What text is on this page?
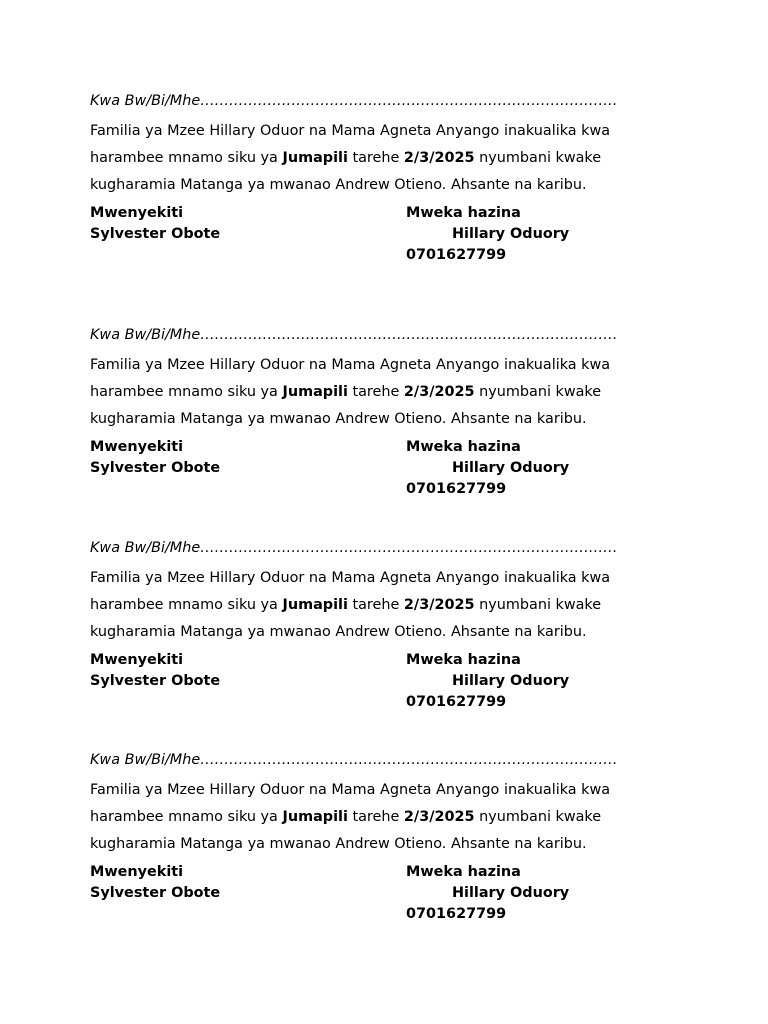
Kwa Bw/Bi/Mhe……………………………………………………………………………
Familia ya Mzee Hillary Oduor na Mama Agneta Anyango inakualika kwa harambee mnamo siku ya Jumapili tarehe 2/3/2025 nyumbani kwake kugharamia Matanga ya mwanao Andrew Otieno. Ahsante na karibu.
Mwenyekiti
Sylvester Obote
Mweka hazina
Hillary Oduory
0701627799
Kwa Bw/Bi/Mhe……………………………………………………………………………
Familia ya Mzee Hillary Oduor na Mama Agneta Anyango inakualika kwa harambee mnamo siku ya Jumapili tarehe 2/3/2025 nyumbani kwake kugharamia Matanga ya mwanao Andrew Otieno. Ahsante na karibu.
Mwenyekiti
Sylvester Obote
Mweka hazina
Hillary Oduory
0701627799
Kwa Bw/Bi/Mhe……………………………………………………………………………
Familia ya Mzee Hillary Oduor na Mama Agneta Anyango inakualika kwa harambee mnamo siku ya Jumapili tarehe 2/3/2025 nyumbani kwake kugharamia Matanga ya mwanao Andrew Otieno. Ahsante na karibu.
Mwenyekiti
Sylvester Obote
Mweka hazina
Hillary Oduory
0701627799
Kwa Bw/Bi/Mhe……………………………………………………………………………
Familia ya Mzee Hillary Oduor na Mama Agneta Anyango inakualika kwa harambee mnamo siku ya Jumapili tarehe 2/3/2025 nyumbani kwake kugharamia Matanga ya mwanao Andrew Otieno. Ahsante na karibu.
Mwenyekiti
Sylvester Obote
Mweka hazina
Hillary Oduory
0701627799
